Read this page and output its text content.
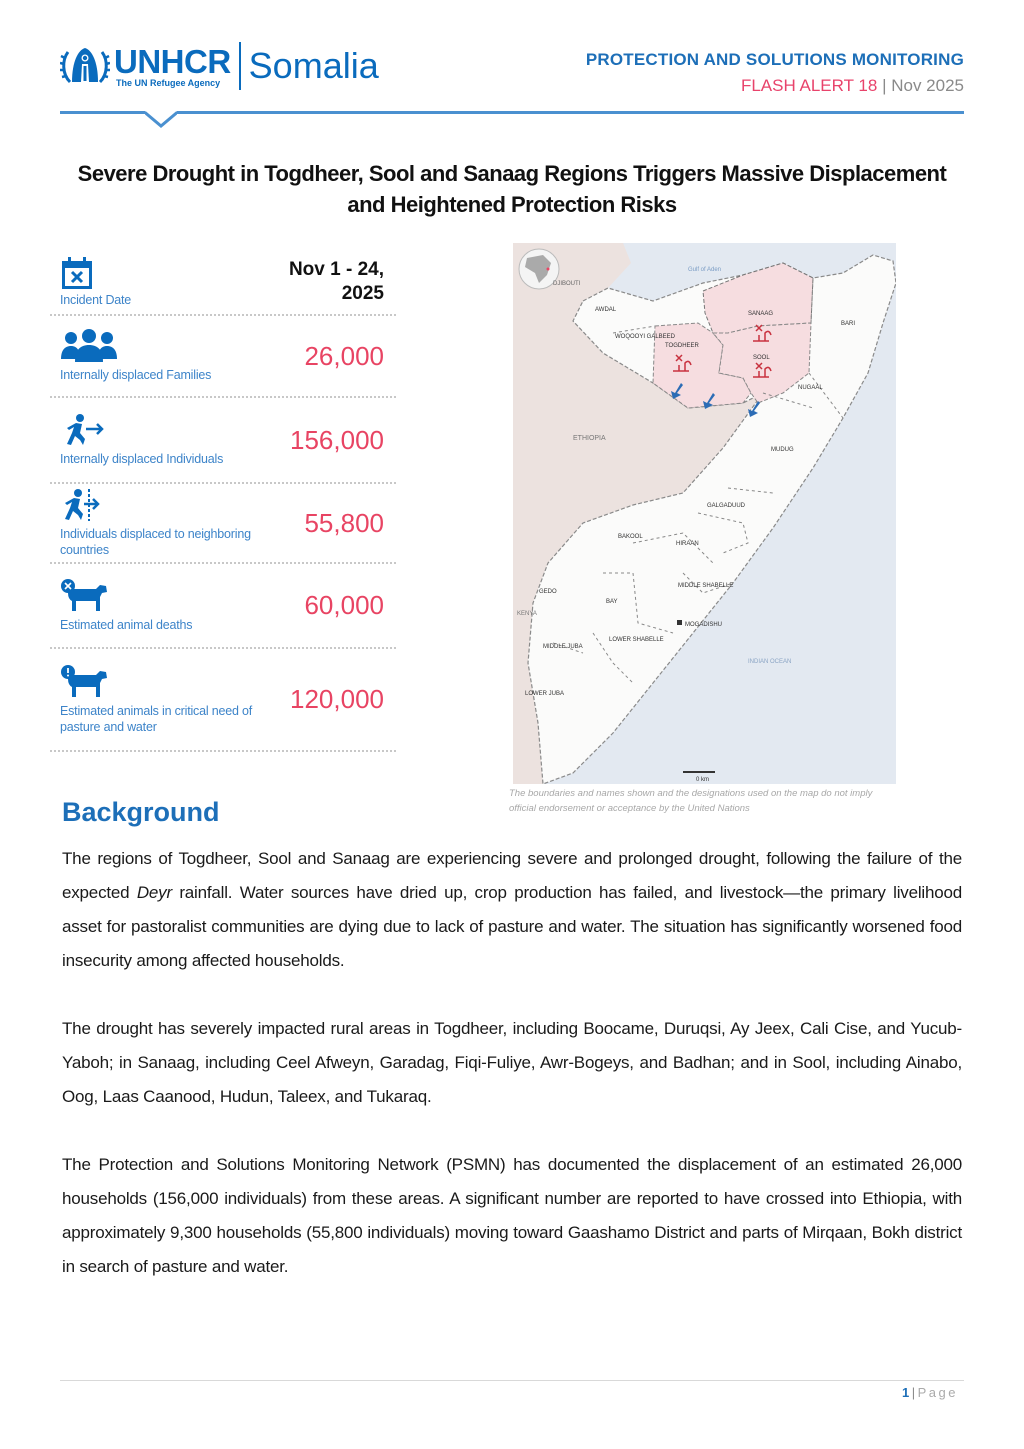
UNHCR
The UN Refugee Agency Somalia	PROTECTION AND SOLUTIONS MONITORING
FLASH ALERT 18 | Nov 2025
Severe Drought in Togdheer, Sool and Sanaag Regions Triggers Massive Displacement and Heightened Protection Risks
Incident Date
Nov 1 - 24, 2025
Internally displaced Families
26,000
Internally displaced Individuals
156,000
Individuals displaced to neighboring countries
55,800
Estimated animal deaths
60,000
Estimated animals in critical need of pasture and water
120,000
0 km
Gulf of Aden
DJIBOUTI
ETHIOPIA
KENYA
INDIAN OCEAN
AWDAL
WOQOOYI GALBEED
TOGDHEER
SANAAG
SOOL
BARI
NUGAAL
MUDUG
GALGADUUD
HIRAAN
BAKOOL
GEDO
BAY
MIDDLE SHABELLE
MOGADISHU
LOWER SHABELLE
MIDDLE JUBA
LOWER JUBA
The boundaries and names shown and the designations used on the map do not imply official endorsement or acceptance by the United Nations
Background

The regions of Togdheer, Sool and Sanaag are experiencing severe and prolonged drought, following the failure of the expected Deyr rainfall. Water sources have dried up, crop production has failed, and livestock—the primary livelihood asset for pastoralist communities are dying due to lack of pasture and water. The situation has significantly worsened food insecurity among affected households.

The drought has severely impacted rural areas in Togdheer, including Boocame, Duruqsi, Ay Jeex, Cali Cise, and Yucub-Yaboh; in Sanaag, including Ceel Afweyn, Garadag, Fiqi-Fuliye, Awr-Bogeys, and Badhan; and in Sool, including Ainabo, Oog, Laas Caanood, Hudun, Taleex, and Tukaraq.

The Protection and Solutions Monitoring Network (PSMN) has documented the displacement of an estimated 26,000 households (156,000 individuals) from these areas. A significant number are reported to have crossed into Ethiopia, with approximately 9,300 households (55,800 individuals) moving toward Gaashamo District and parts of Mirqaan, Bokh district in search of pasture and water.

1|Page
